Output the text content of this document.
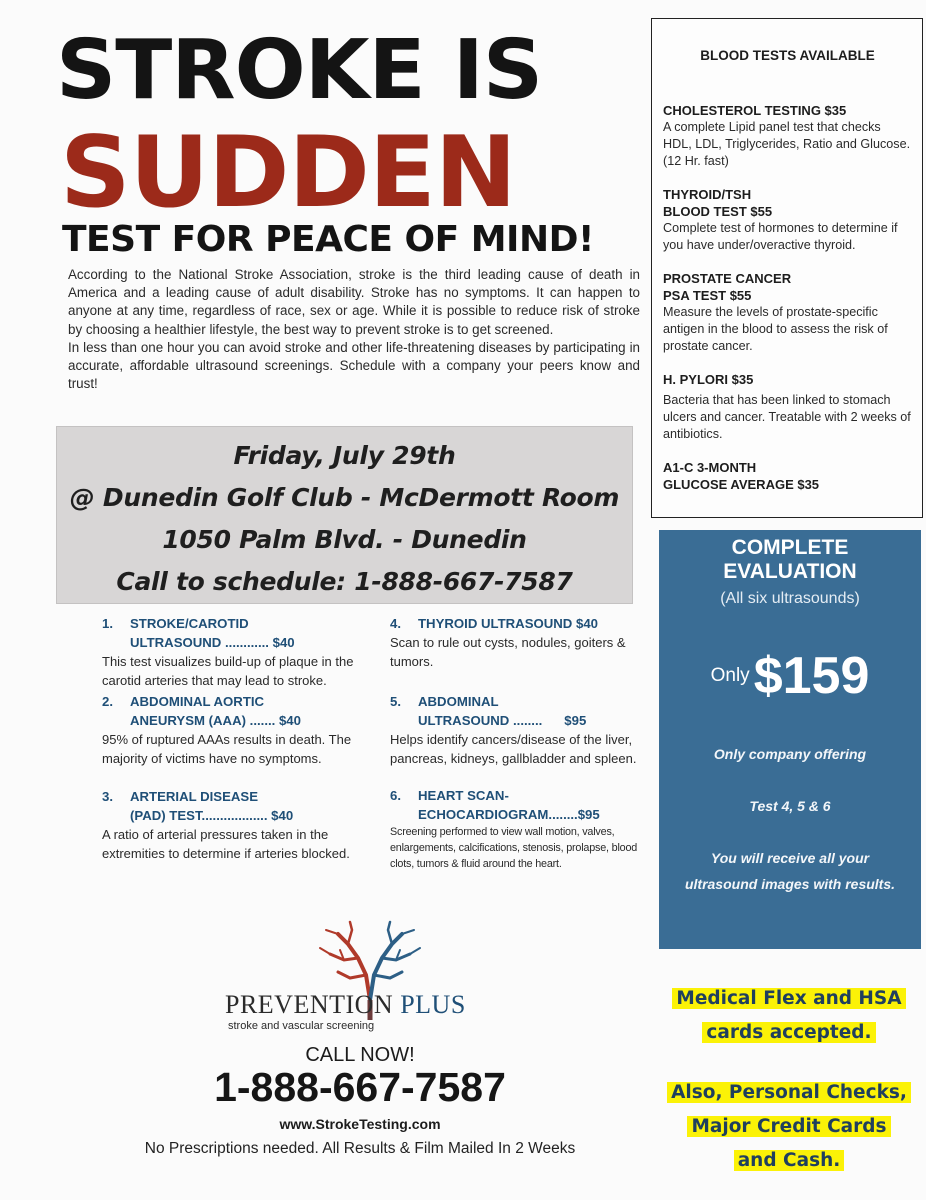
STROKE IS
SUDDEN
TEST FOR PEACE OF MIND!

According to the National Stroke Association, stroke is the third leading cause of death in America and a leading cause of adult disability. Stroke has no symptoms. It can happen to anyone at any time, regardless of race, sex or age. While it is possible to reduce risk of stroke by choosing a healthier lifestyle, the best way to prevent stroke is to get screened.

In less than one hour you can avoid stroke and other life-threatening diseases by participating in accurate, affordable ultrasound screenings. Schedule with a company your peers know and trust!

Friday, July 29th
@ Dunedin Golf Club - McDermott Room
1050 Palm Blvd. - Dunedin
Call to schedule: 1-888-667-7587
1. STROKE/CAROTID
ULTRASOUND ............ $40
This test visualizes build-up of plaque in the carotid arteries that may lead to stroke.
2. ABDOMINAL AORTIC
ANEURYSM (AAA) ....... $40
95% of ruptured AAAs results in death. The majority of victims have no symptoms.
3. ARTERIAL DISEASE
(PAD) TEST.................. $40
A ratio of arterial pressures taken in the extremities to determine if arteries blocked.
4. THYROID ULTRASOUND $40
Scan to rule out cysts, nodules, goiters & tumors.
5. ABDOMINAL
ULTRASOUND ........      $95
Helps identify cancers/disease of the liver, pancreas, kidneys, gallbladder and spleen.
6. HEART SCAN-
ECHOCARDIOGRAM........$95
Screening performed to view wall motion, valves, enlargements, calcifications, stenosis, prolapse, blood clots, tumors & fluid around the heart.
PREVENTION PLUS
stroke and vascular screening
CALL NOW!
1-888-667-7587
www.StrokeTesting.com
No Prescriptions needed. All Results & Film Mailed In 2 Weeks
BLOOD TESTS AVAILABLE
CHOLESTEROL TESTING $35
A complete Lipid panel test that checks HDL, LDL, Triglycerides, Ratio and Glucose. (12 Hr. fast)
THYROID/TSH
BLOOD TEST $55
Complete test of hormones to determine if you have under/overactive thyroid.
PROSTATE CANCER
PSA TEST $55
Measure the levels of prostate-specific antigen in the blood to assess the risk of prostate cancer.
H. PYLORI $35
Bacteria that has been linked to stomach ulcers and cancer. Treatable with 2 weeks of antibiotics.
A1-C 3-MONTH
GLUCOSE AVERAGE $35
COMPLETE
EVALUATION
(All six ultrasounds)
Only$159
Only company offering
Test 4, 5 & 6
You will receive all your
ultrasound images with results.
Medical Flex and HSA
cards accepted.
Also, Personal Checks,
Major Credit Cards
and Cash.
